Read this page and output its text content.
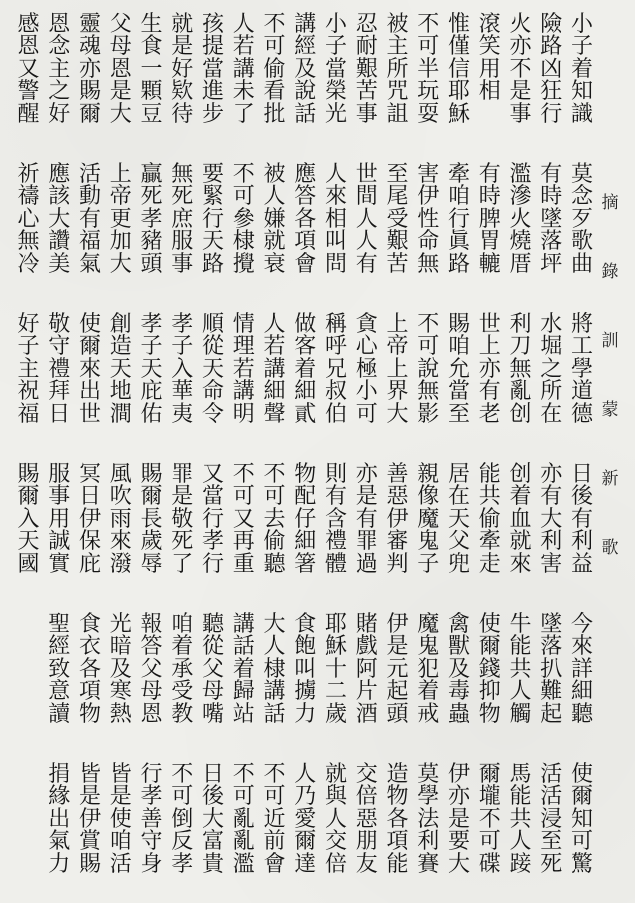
摘
錄
訓
蒙
新
歌
小
子
着
知
識
險
路
凶
狂
行
火
亦
不
是
事
滾
笑
用
相
惟
僅
信
耶
穌
不
可
半
玩
耍
被
主
所
咒
詛
忍
耐
艱
苦
事
小
子
當
榮
光
講
經
及
說
話
不
可
偷
看
批
人
若
講
未
了
孩
提
當
進
步
就
是
好
欵
待
生
食
一
顆
豆
父
母
恩
是
大
靈
魂
亦
賜
爾
恩
念
主
之
好
感
恩
又
警
醒
莫
念
歹
歌
曲
有
時
墜
落
坪
濫
滲
火
燒
厝
有
時
脾
胃
轆
牽
咱
行
眞
路
害
伊
性
命
無
至
尾
受
艱
苦
世
間
人
人
有
人
來
相
叫
問
應
答
各
項
會
被
人
嫌
就
衰
不
可
參
棣
攪
要
緊
行
天
路
無
死
庶
服
事
贏
死
孝
豬
頭
上
帝
更
加
大
活
動
有
福
氣
應
該
大
讚
美
祈
禱
心
無
冷
將
工
學
道
德
水
堀
之
所
在
利
刀
無
亂
创
世
上
亦
有
老
賜
咱
允
當
至
不
可
說
無
影
上
帝
上
界
大
貪
心
極
小
可
稱
呼
兄
叔
伯
做
客
着
細
貳
人
若
講
細
聲
情
理
若
講
明
順
從
天
命
令
孝
子
入
華
夷
孝
子
天
庇
佑
創
造
天
地
澗
使
爾
來
出
世
敬
守
禮
拜
日
好
子
主
祝
福
日
後
有
利
益
亦
有
大
利
害
创
着
血
就
來
能
共
偷
牽
走
居
在
天
父
兜
親
像
魔
鬼
子
善
惡
伊
審
判
亦
是
有
罪
過
則
有
含
禮
體
物
配
仔
細
箸
不
可
去
偷
聽
不
可
又
再
重
又
當
行
孝
行
罪
是
敬
死
了
賜
爾
長
歲
辱
風
吹
雨
來
潑
冥
日
伊
保
庇
服
事
用
誠
實
賜
爾
入
天
國
今
來
詳
細
聽
墜
落
扒
難
起
牛
能
共
人
觸
使
爾
錢
抑
物
禽
獸
及
毒
蟲
魔
鬼
犯
着
戒
伊
是
元
起
頭
賭
戲
阿
片
酒
耶
穌
十
二
歲
食
飽
叫
擄
力
大
人
棣
講
話
講
話
着
歸
站
聽
從
父
母
嘴
咱
着
承
受
教
報
答
父
母
恩
光
暗
及
寒
熱
食
衣
各
項
物
聖
經
致
意
讀
使
爾
知
可
驚
活
活
浸
至
死
馬
能
共
人
踥
爾
壠
不
可
碟
伊
亦
是
要
大
莫
學
法
利
賽
造
物
各
項
能
交
倍
惡
朋
友
就
與
人
交
倍
人
乃
愛
爾
達
不
可
近
前
會
不
可
亂
亂
濫
日
後
大
富
貴
不
可
倒
反
孝
行
孝
善
守
身
皆
是
使
咱
活
皆
是
伊
賞
賜
捐
緣
出
氣
力
